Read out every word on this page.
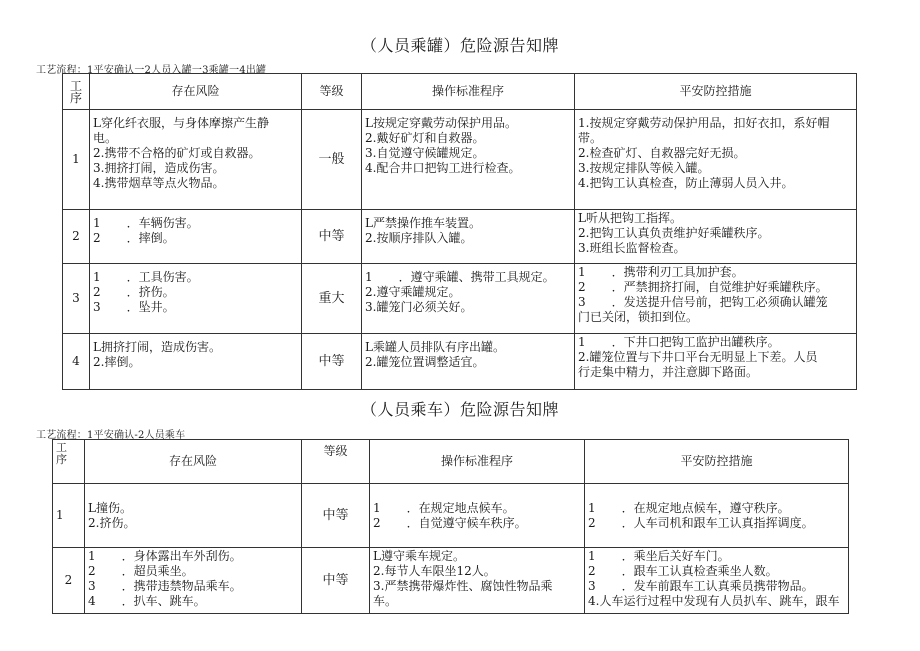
（人员乘罐）危险源告知牌
工艺流程：1平安确认一2人员入罐一3乘罐一4出罐
工
序	存在风险	等级	操作标准程序	平安防控措施
1	L穿化纤衣服，与身体摩擦产生静
电。
2.携带不合格的矿灯或自救器。
3.拥挤打闹，造成伤害。
4.携带烟草等点火物品。	一般	L按规定穿戴劳动保护用品。
2.戴好矿灯和自救器。
3.自觉遵守候罐规定。
4.配合井口把钩工进行检查。	1.按规定穿戴劳动保护用品，扣好衣扣，系好帽
带。
2.检查矿灯、自救器完好无损。
3.按规定排队等候入罐。
4.把钩工认真检查，防止薄弱人员入井。

2	1 ．车辆伤害。
2 ．摔倒。	中等	L严禁操作推车装置。
2.按顺序排队入罐。	L听从把钩工指挥。
2.把钩工认真负责维护好乘罐秩序。
3.班组长监督检查。

3	1 ．工具伤害。
2 ．挤伤。
3 ．坠井。	重大	1 ．遵守乘罐、携带工具规定。
2.遵守乘罐规定。
3.罐笼门必须关好。	1 ．携带利刃工具加护套。
2 ．严禁拥挤打闹，自觉维护好乘罐秩序。
3 ．发送提升信号前，把钩工必须确认罐笼
门已关闭，锁扣到位。

4	L拥挤打闹，造成伤害。
2.摔倒。	中等	L乘罐人员排队有序出罐。
2.罐笼位置调整适宜。	1 ．下井口把钩工监护出罐秩序。
2.罐笼位置与下井口平台无明显上下差。人员
行走集中精力，并注意脚下路面。
（人员乘车）危险源告知牌
工艺流程：1平安确认-2人员乘车
工
序	存在风险	等级	操作标准程序	平安防控措施
1	L撞伤。
2.挤伤。	中等	1 ．在规定地点候车。
2 ．自觉遵守候车秩序。	1 ．在规定地点候车，遵守秩序。
2 ．人车司机和跟车工认真指挥调度。

2	1 ．身体露出车外刮伤。
2 ．超员乘坐。
3 ．携带违禁物品乘车。
4 ．扒车、跳车。	中等	L遵守乘车规定。
2.每节人车限坐12人。
3.严禁携带爆炸性、腐蚀性物品乘
车。	1 ．乘坐后关好车门。
2 ．跟车工认真检查乘坐人数。
3 ．发车前跟车工认真乘员携带物品。
4.人车运行过程中发现有人员扒车、跳车，跟车
